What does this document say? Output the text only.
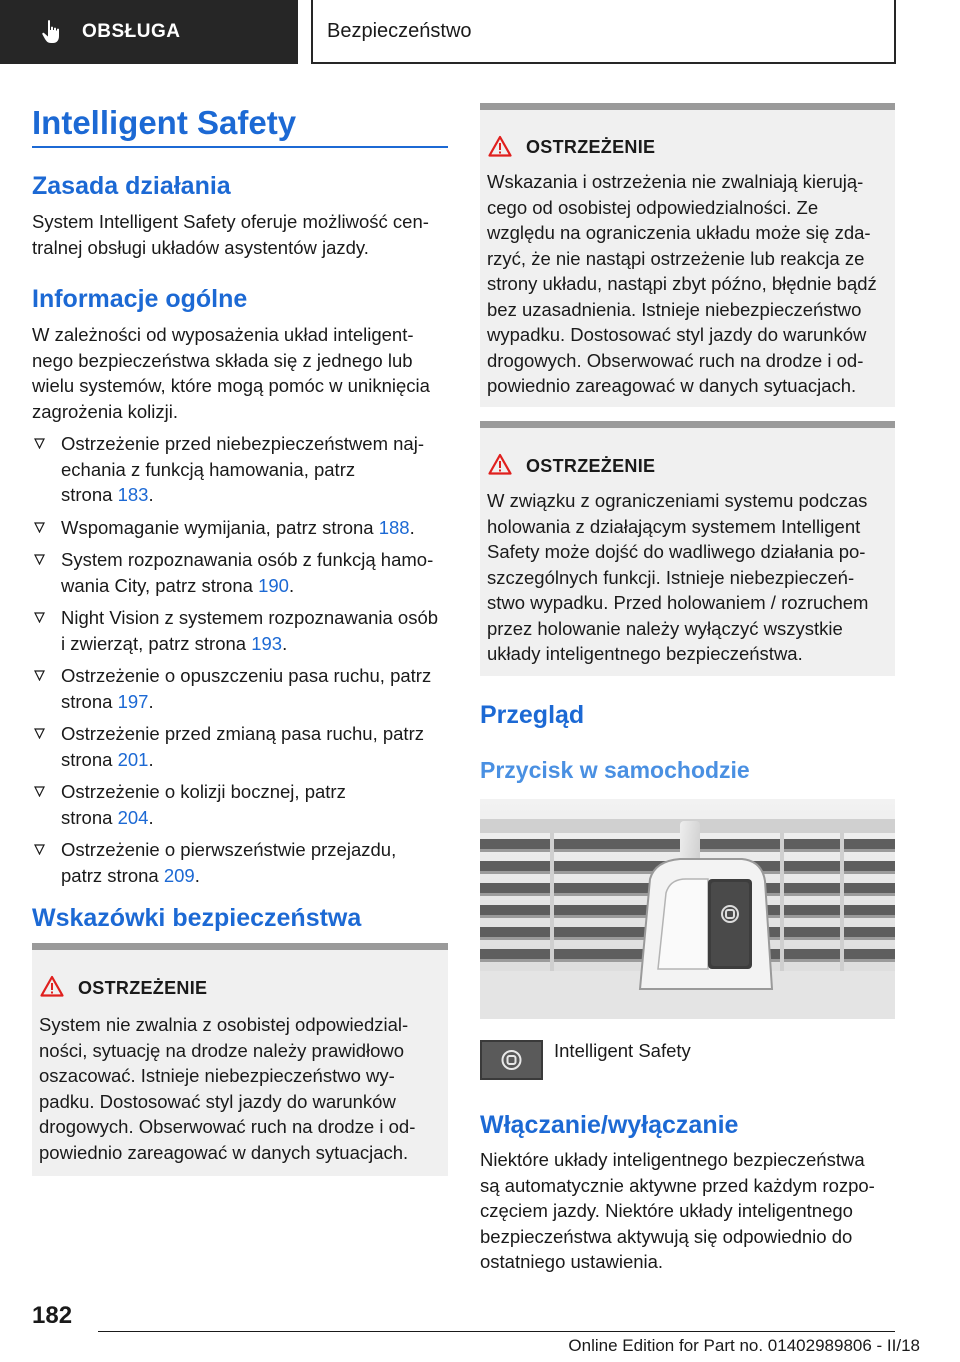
OBSŁUGA	Bezpieczeństwo
Intelligent Safety
Zasada działania
System Intelligent Safety oferuje możliwość cen-
tralnej obsługi układów asystentów jazdy.
Informacje ogólne
W zależności od wyposażenia układ inteligent-
nego bezpieczeństwa składa się z jednego lub
wielu systemów, które mogą pomóc w uniknięcia
zagrożenia kolizji.
Ostrzeżenie przed niebezpieczeństwem naj-
echania z funkcją hamowania, patrz
strona 183.
Wspomaganie wymijania, patrz strona 188.
System rozpoznawania osób z funkcją hamo-
wania City, patrz strona 190.
Night Vision z systemem rozpoznawania osób
i zwierząt, patrz strona 193.
Ostrzeżenie o opuszczeniu pasa ruchu, patrz
strona 197.
Ostrzeżenie przed zmianą pasa ruchu, patrz
strona 201.
Ostrzeżenie o kolizji bocznej, patrz
strona 204.
Ostrzeżenie o pierwszeństwie przejazdu,
patrz strona 209.
Wskazówki bezpieczeństwa
OSTRZEŻENIE
System nie zwalnia z osobistej odpowiedzial-
ności, sytuację na drodze należy prawidłowo
oszacować. Istnieje niebezpieczeństwo wy-
padku. Dostosować styl jazdy do warunków
drogowych. Obserwować ruch na drodze i od-
powiednio zareagować w danych sytuacjach.
OSTRZEŻENIE
Wskazania i ostrzeżenia nie zwalniają kierują-
cego od osobistej odpowiedzialności. Ze
względu na ograniczenia układu może się zda-
rzyć, że nie nastąpi ostrzeżenie lub reakcja ze
strony układu, nastąpi zbyt późno, błędnie bądź
bez uzasadnienia. Istnieje niebezpieczeństwo
wypadku. Dostosować styl jazdy do warunków
drogowych. Obserwować ruch na drodze i od-
powiednio zareagować w danych sytuacjach.
OSTRZEŻENIE
W związku z ograniczeniami systemu podczas
holowania z działającym systemem Intelligent
Safety może dojść do wadliwego działania po-
szczególnych funkcji. Istnieje niebezpieczeń-
stwo wypadku. Przed holowaniem / rozruchem
przez holowanie należy wyłączyć wszystkie
układy inteligentnego bezpieczeństwa.
Przegląd
Przycisk w samochodzie
Intelligent Safety
Włączanie/wyłączanie
Niektóre układy inteligentnego bezpieczeństwa
są automatycznie aktywne przed każdym rozpo-
częciem jazdy. Niektóre układy inteligentnego
bezpieczeństwa aktywują się odpowiednio do
ostatniego ustawienia.
182
Online Edition for Part no. 01402989806 - II/18
